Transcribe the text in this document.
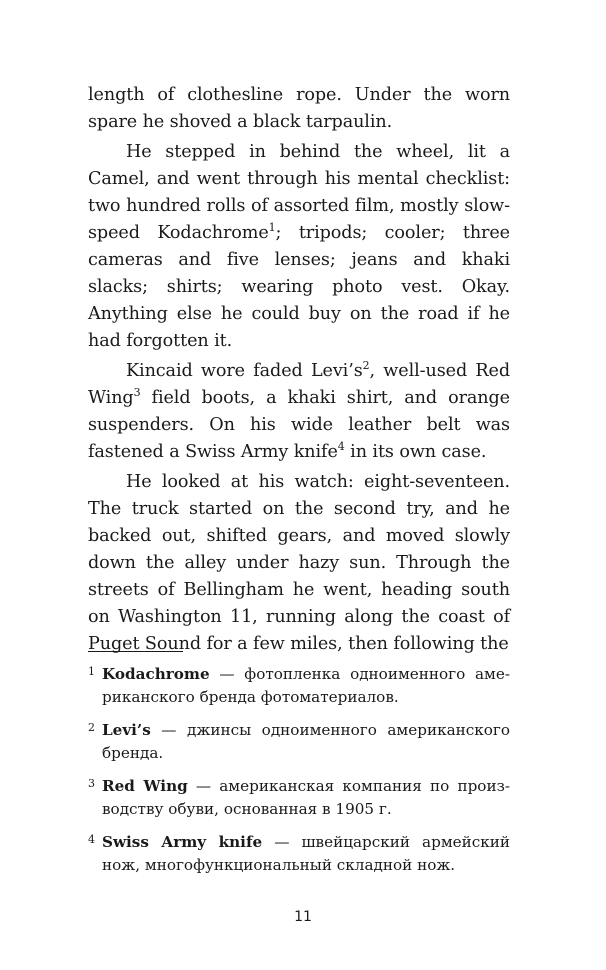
length of clothesline rope. Under the worn spare he shoved a black tarpaulin.

He stepped in behind the wheel, lit a Camel, and went through his mental checklist: two hundred rolls of assorted film, mostly slow-speed Kodachrome$^1$; tripods; cooler; three cameras and five lenses; jeans and khaki slacks; shirts; wearing photo vest. Okay. Anything else he could buy on the road if he had forgotten it.

Kincaid wore faded $Levi’s^2$, well-used Red Wing$^3$ field boots, a khaki shirt, and orange suspenders. On his wide leather belt was fastened a Swiss Army knife$^4$ in its own case.

He looked at his watch: eight-seventeen. The truck started on the second try, and he backed out, shifted gears, and moved slowly down the alley under hazy sun. Through the streets of Bellingham he went, heading south on Washington 11, running along the coast of Puget Sound for a few miles, then following the

1 Kodachrome — фотопленка одноименного американского бренда фотоматериалов.
2 Levi’s — джинсы одноименного американского бренда.
3 Red Wing — американская компания по производству обуви, основанная в 1905 г.
4 Swiss Army knife — швейцарский армейский нож, многофункциональный складной нож.
11
